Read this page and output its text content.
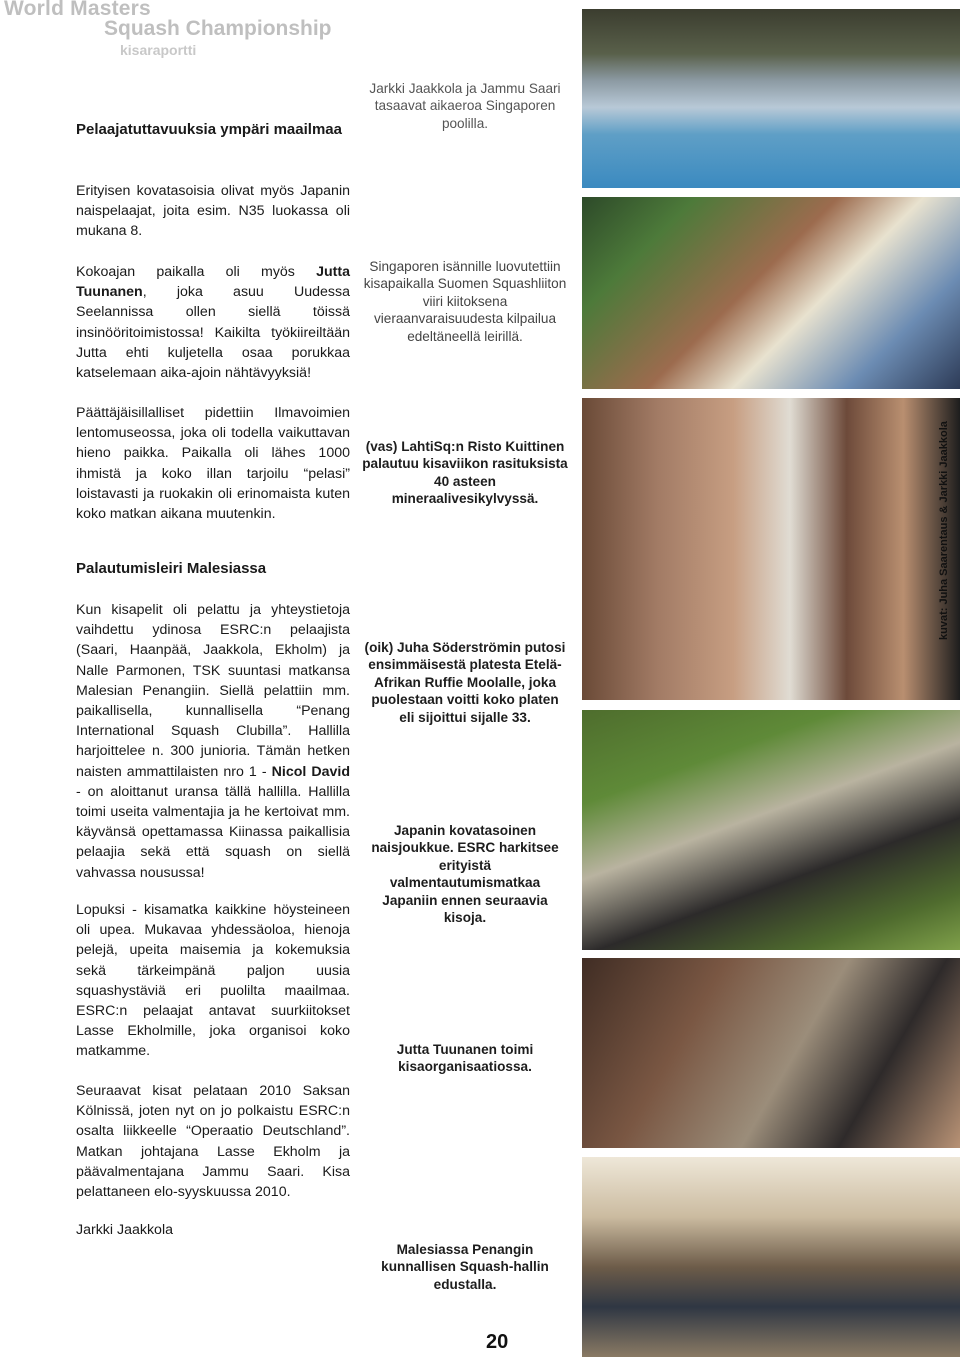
World Masters
Squash Championship
kisaraportti
Pelaajatuttavuuksia ympäri maailmaa

Erityisen kovatasoisia olivat myös Japanin naispelaajat, joita esim. N35 luokassa oli mukana 8.

Kokoajan paikalla oli myös Jutta Tuunanen, joka asuu Uudessa Seelannissa ollen siellä töissä insinööritoimistossa! Kaikilta työkiireiltään Jutta ehti kuljetella osaa porukkaa katselemaan aika-ajoin nähtävyyksiä!

Päättäjäisillalliset pidettiin Ilmavoimien lentomuseossa, joka oli todella vaikuttavan hieno paikka. Paikalla oli lähes 1000 ihmistä ja koko illan tarjoilu “pelasi” loistavasti ja ruokakin oli erinomaista kuten koko matkan aikana muutenkin.

Palautumisleiri Malesiassa

Kun kisapelit oli pelattu ja yhteystietoja vaihdettu ydinosa ESRC:n pelaajista (Saari, Haanpää, Jaakkola, Ekholm) ja Nalle Parmonen, TSK suuntasi matkansa Malesian Penangiin. Siellä pelattiin mm. paikallisella, kunnallisella “Penang International Squash Clubilla”. Hallilla harjoittelee n. 300 junioria. Tämän hetken naisten ammattilaisten nro 1 - Nicol David - on aloittanut uransa tällä hallilla. Hallilla toimi useita valmentajia ja he kertoivat mm. käyvänsä opettamassa Kiinassa paikallisia pelaajia sekä että squash on siellä vahvassa nousussa!

Lopuksi - kisamatka kaikkine höysteineen oli upea. Mukavaa yhdessäoloa, hienoja pelejä, upeita maisemia ja kokemuksia sekä tärkeimpänä paljon uusia squashystäviä eri puolilta maailmaa. ESRC:n pelaajat antavat suurkiitokset Lasse Ekholmille, joka organisoi koko matkamme.

Seuraavat kisat pelataan 2010 Saksan Kölnissä, joten nyt on jo polkaistu ESRC:n osalta liikkeelle “Operaatio Deutschland”. Matkan johtajana Lasse Ekholm ja päävalmentajana Jammu Saari. Kisa pelattaneen elo-syyskuussa 2010.

Jarkki Jaakkola

Jarkki Jaakkola ja Jammu Saari tasaavat aikaeroa Singaporen poolilla.
Singaporen isännille luovutettiin kisapaikalla Suomen Squashliiton viiri kiitoksena vieraanvaraisuudesta kilpailua edeltäneellä leirillä.
(vas) LahtiSq:n Risto Kuittinen palautuu kisaviikon rasituksista 40 asteen mineraalivesikylvyssä.
(oik) Juha Söderströmin putosi ensimmäisestä platesta Etelä-Afrikan Ruffie Moolalle, joka puolestaan voitti koko platen eli sijoittui sijalle 33.
Japanin kovatasoinen naisjoukkue. ESRC harkitsee erityistä valmentautumismatkaa Japaniin ennen seuraavia kisoja.
Jutta Tuunanen toimi kisaorganisaatiossa.
Malesiassa Penangin kunnallisen Squash-hallin edustalla.
kuvat: Juha Saarentaus & Jarkki Jaakkola
20
